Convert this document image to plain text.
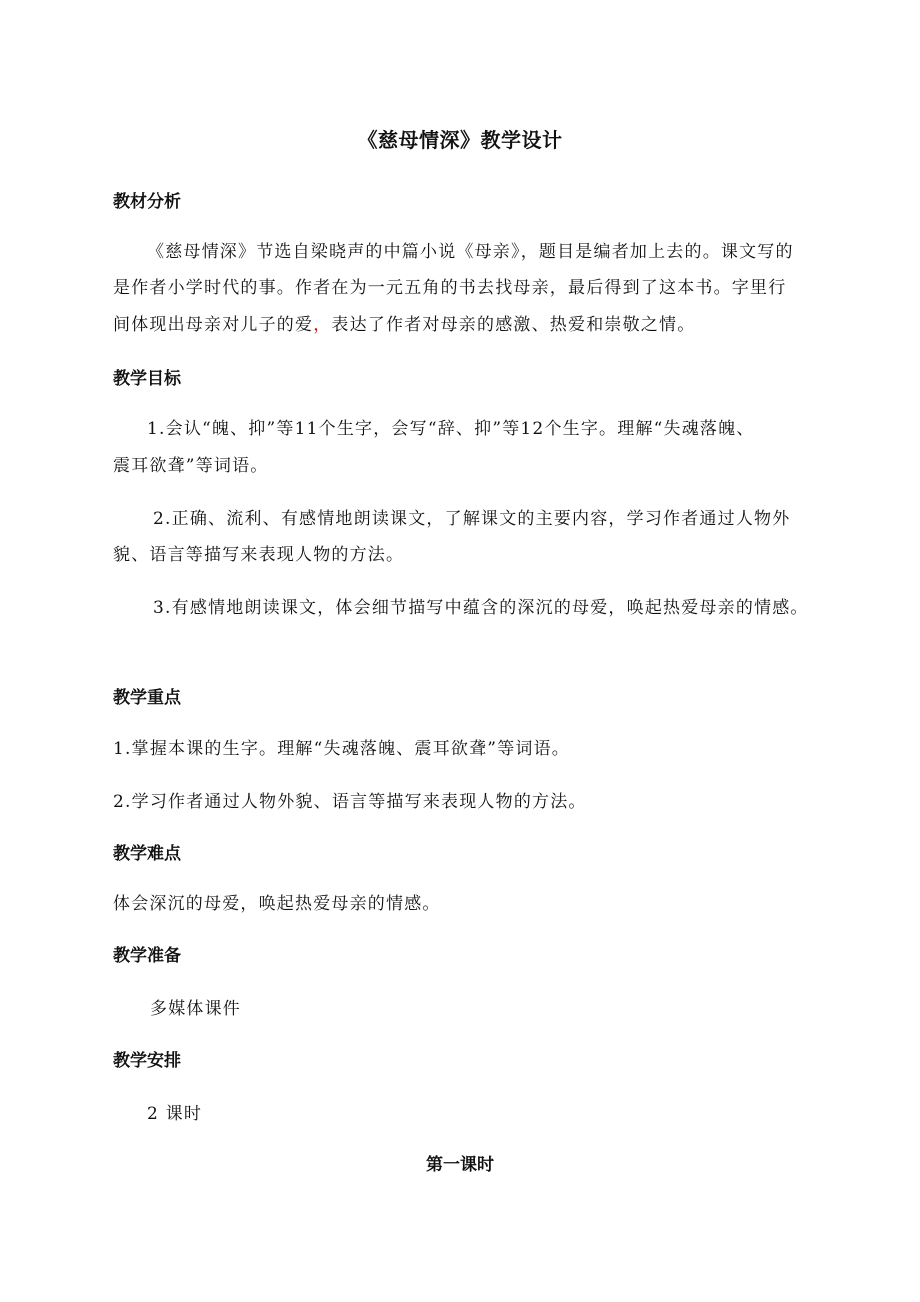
《慈母情深》教学设计
教材分析
《慈母情深》节选自梁晓声的中篇小说《母亲》，题目是编者加上去的。课文写的
是作者小学时代的事。作者在为一元五角的书去找母亲，最后得到了这本书。字里行
间体现出母亲对儿子的爱，表达了作者对母亲的感激、热爱和崇敬之情。
教学目标
1.会认“魄、抑”等11个生字，会写“辞、抑”等12个生字。理解“失魂落魄、
震耳欲聋”等词语。
2.正确、流利、有感情地朗读课文，了解课文的主要内容，学习作者通过人物外
貌、语言等描写来表现人物的方法。
3.有感情地朗读课文，体会细节描写中蕴含的深沉的母爱，唤起热爱母亲的情感。
教学重点
1.掌握本课的生字。理解“失魂落魄、震耳欲聋”等词语。
2.学习作者通过人物外貌、语言等描写来表现人物的方法。
教学难点
体会深沉的母爱，唤起热爱母亲的情感。
教学准备
多媒体课件
教学安排
2 课时
第一课时
